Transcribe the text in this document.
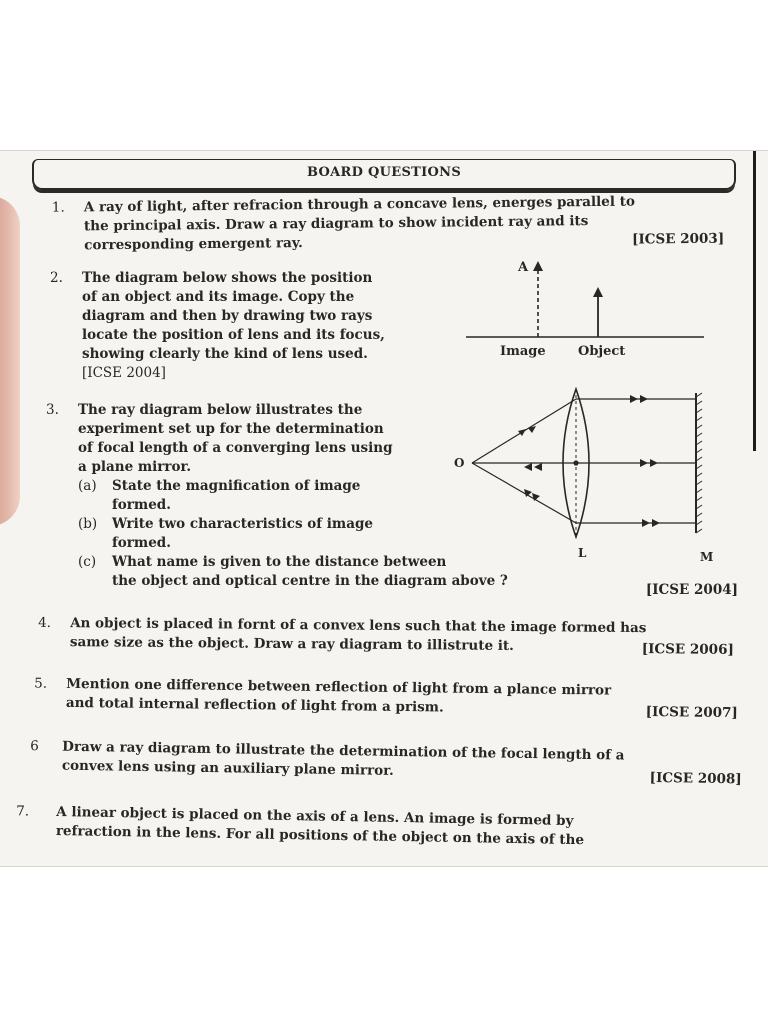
BOARD QUESTIONS
1. A ray of light, after refracion through a concave lens, energes parallel to
the principal axis. Draw a ray diagram to show incident ray and its
corresponding emergent ray.	[ICSE 2003]
2. The diagram below shows the position
of an object and its image. Copy the
diagram and then by drawing two rays
locate the position of lens and its focus,
showing clearly the kind of lens used.
[ICSE 2004]
A
Image Object
3. The ray diagram below illustrates the
experiment set up for the determination
of focal length of a converging lens using
a plane mirror.
(a) State the magnification of image
formed.
(b) Write two characteristics of image
formed.
(c) What name is given to the distance between
the object and optical centre in the diagram above ?
[ICSE 2004]
O
L	M
4. An object is placed in fornt of a convex lens such that the image formed has
same size as the object. Draw a ray diagram to illistrute it.	[ICSE 2006]
5. Mention one difference between reflection of light from a plance mirror
and total internal reflection of light from a prism.	[ICSE 2007]
6 Draw a ray diagram to illustrate the determination of the focal length of a
convex lens using an auxiliary plane mirror.	[ICSE 2008]
7. A linear object is placed on the axis of a lens. An image is formed by
refraction in the lens. For all positions of the object on the axis of the
